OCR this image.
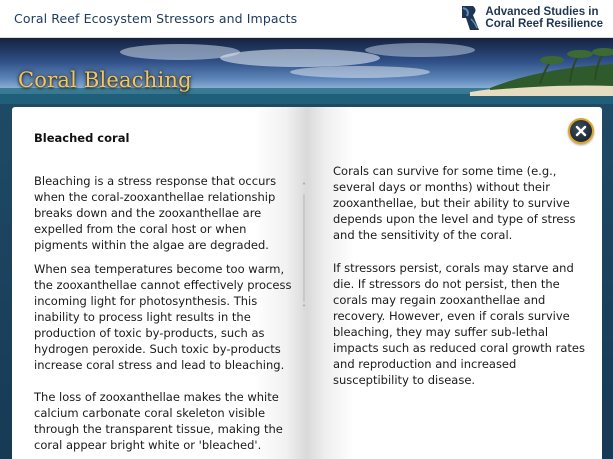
Coral Reef Ecosystem Stressors and Impacts	Advanced Studies in
Coral Reef Resilience
Coral Bleaching
Bleached coral
Bleaching is a stress response that occurs when the coral-zooxanthellae relationship breaks down and the zooxanthellae are expelled from the coral host or when pigments within the algae are degraded.
When sea temperatures become too warm, the zooxanthellae cannot effectively process incoming light for photosynthesis. This inability to process light results in the production of toxic by-products, such as hydrogen peroxide. Such toxic by-products increase coral stress and lead to bleaching.
The loss of zooxanthellae makes the white calcium carbonate coral skeleton visible through the transparent tissue, making the coral appear bright white or 'bleached'.
˄
˅
Corals can survive for some time (e.g., several days or months) without their zooxanthellae, but their ability to survive depends upon the level and type of stress and the sensitivity of the coral.
If stressors persist, corals may starve and die. If stressors do not persist, then the corals may regain zooxanthellae and recovery. However, even if corals survive bleaching, they may suffer sub-lethal impacts such as reduced coral growth rates and reproduction and increased susceptibility to disease.
